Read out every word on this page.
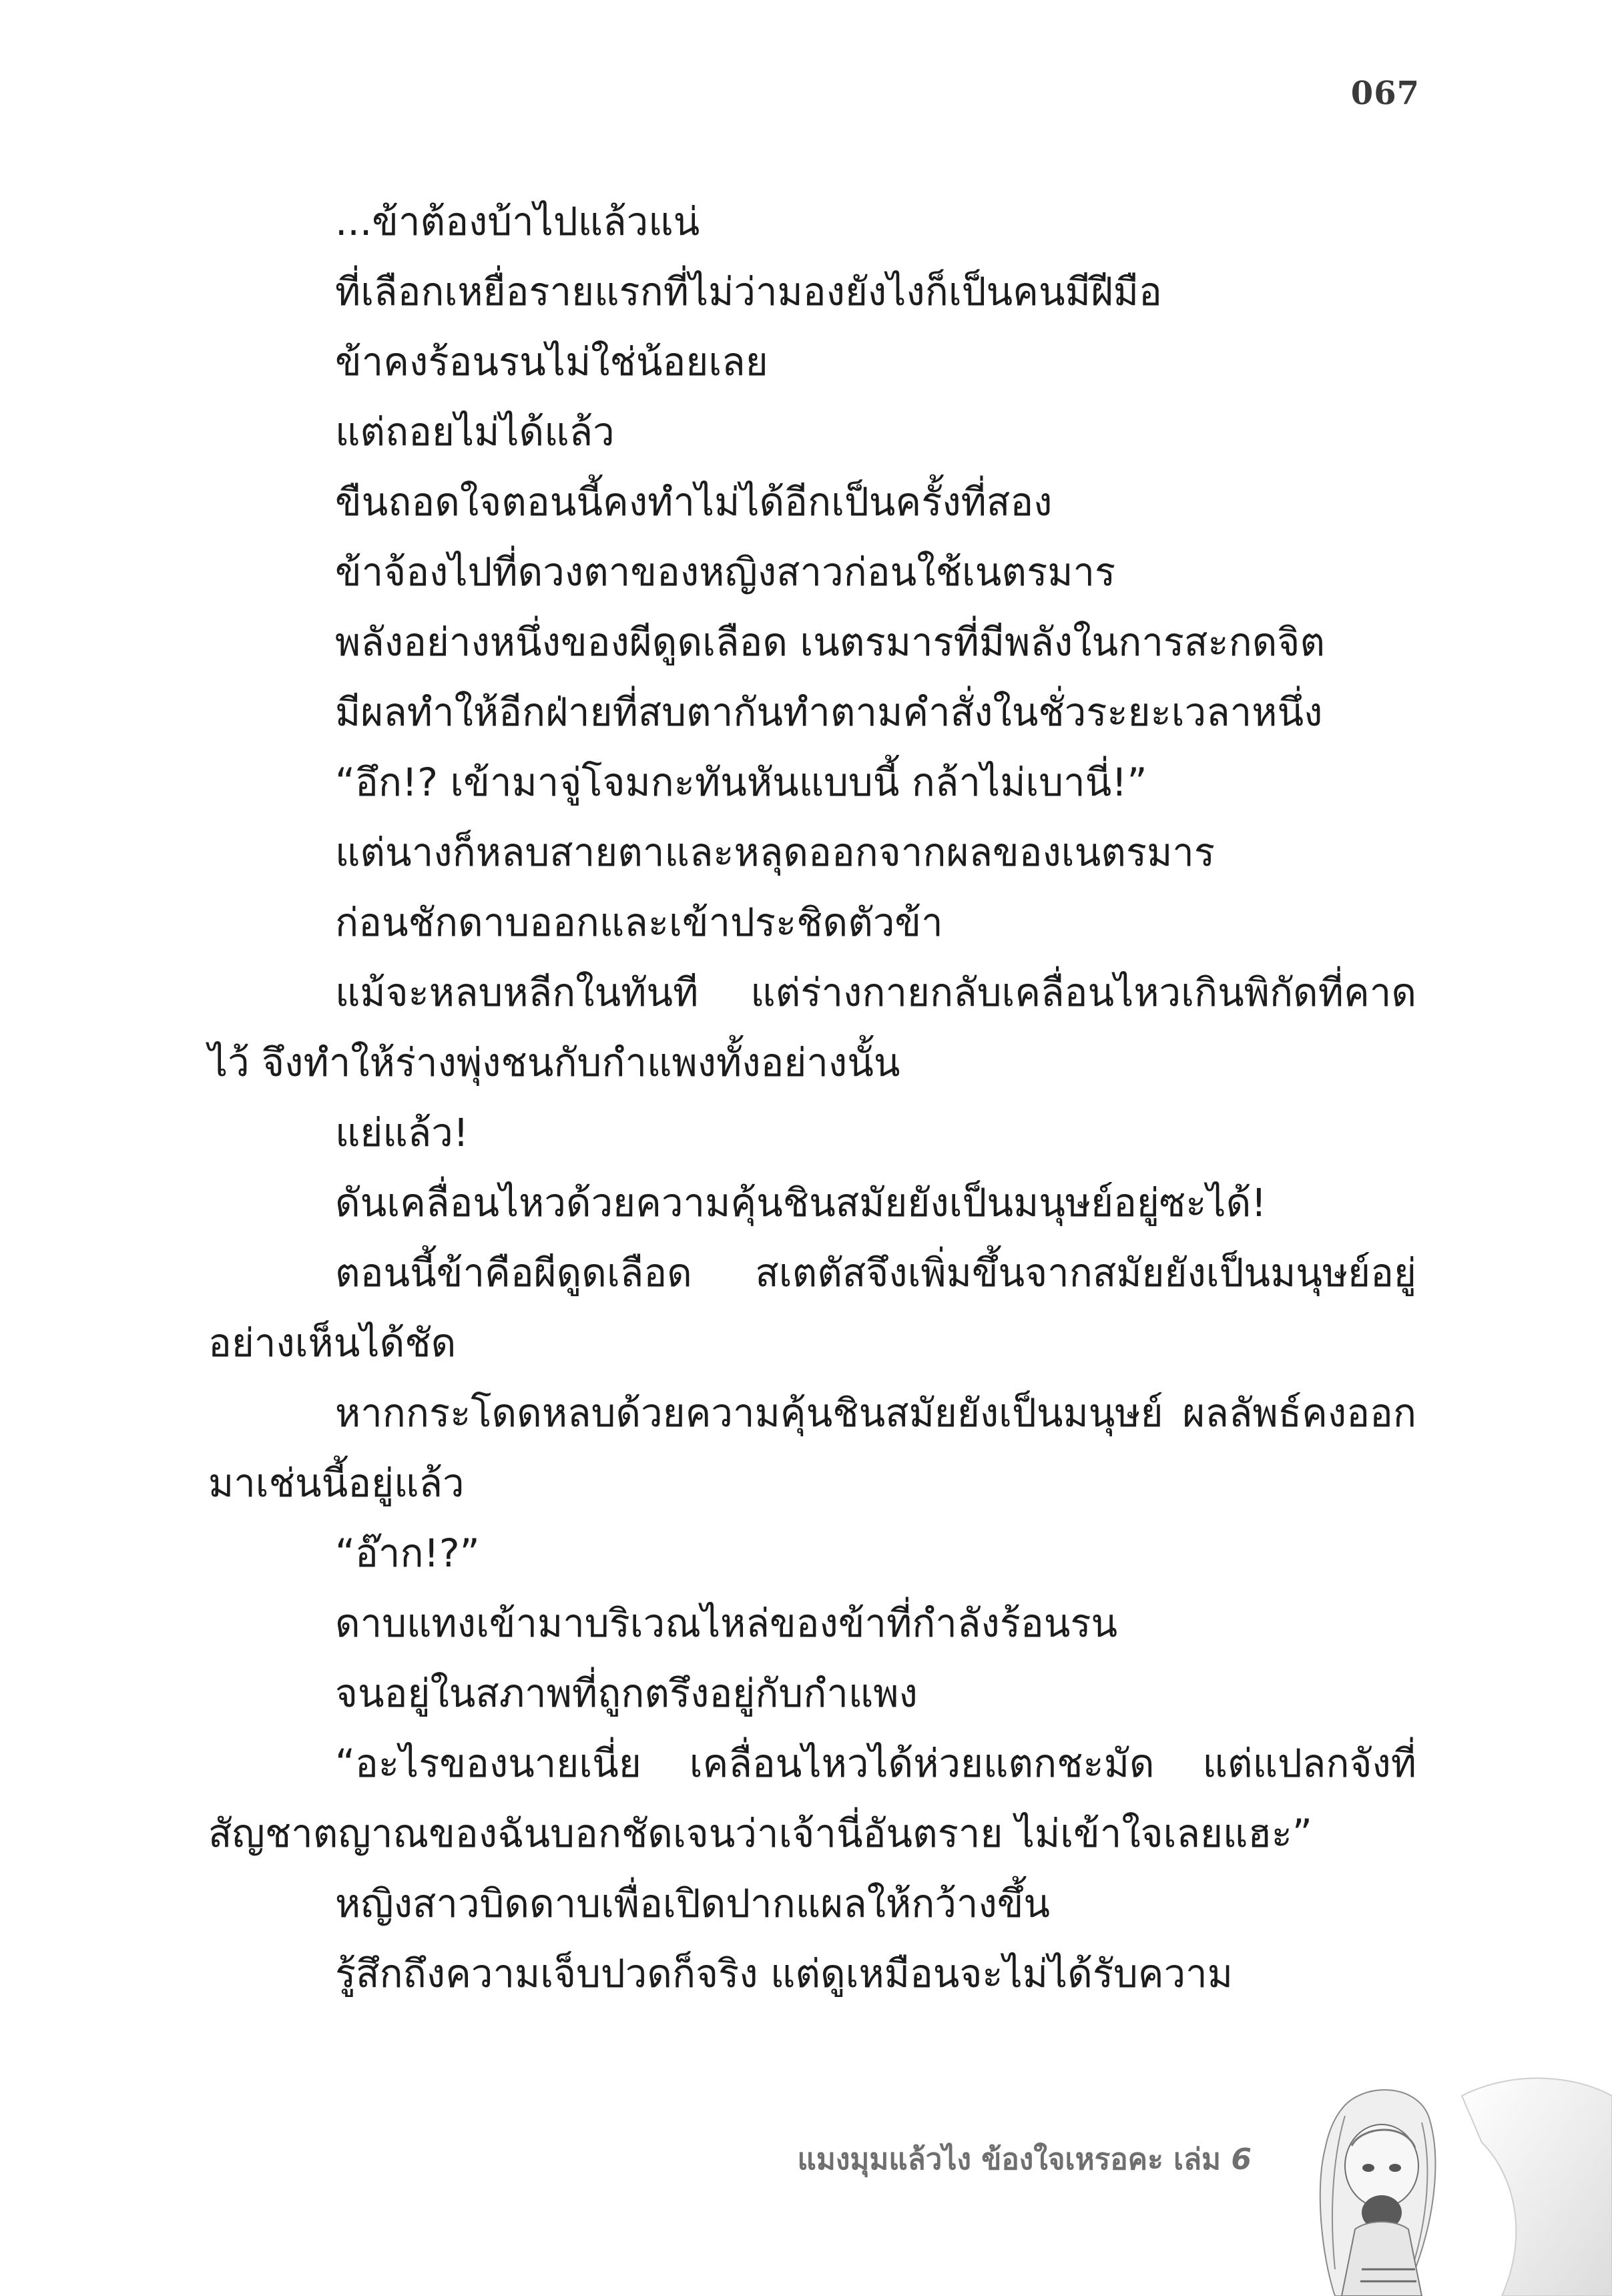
067

...ข้าต้องบ้าไปแล้วแน่

ที่เลือกเหยื่อรายแรกที่ไม่ว่ามองยังไงก็เป็นคนมีฝีมือ

ข้าคงร้อนรนไม่ใช่น้อยเลย

แต่ถอยไม่ได้แล้ว

ขืนถอดใจตอนนี้คงทำไม่ได้อีกเป็นครั้งที่สอง

ข้าจ้องไปที่ดวงตาของหญิงสาวก่อนใช้เนตรมาร

พลังอย่างหนึ่งของผีดูดเลือด เนตรมารที่มีพลังในการสะกดจิต

มีผลทำให้อีกฝ่ายที่สบตากันทำตามคำสั่งในชั่วระยะเวลาหนึ่ง

“อึก!? เข้ามาจู่โจมกะทันหันแบบนี้ กล้าไม่เบานี่!”

แต่นางก็หลบสายตาและหลุดออกจากผลของเนตรมาร

ก่อนชักดาบออกและเข้าประชิดตัวข้า

แม้จะหลบหลีกในทันที แต่ร่างกายกลับเคลื่อนไหวเกินพิกัดที่คาดไว้ จึงทำให้ร่างพุ่งชนกับกำแพงทั้งอย่างนั้น

แย่แล้ว!

ดันเคลื่อนไหวด้วยความคุ้นชินสมัยยังเป็นมนุษย์อยู่ซะได้!

ตอนนี้ข้าคือผีดูดเลือด สเตตัสจึงเพิ่มขึ้นจากสมัยยังเป็นมนุษย์อยู่อย่างเห็นได้ชัด

หากกระโดดหลบด้วยความคุ้นชินสมัยยังเป็นมนุษย์ ผลลัพธ์คงออกมาเช่นนี้อยู่แล้ว

“อ๊าก!?”

ดาบแทงเข้ามาบริเวณไหล่ของข้าที่กำลังร้อนรน

จนอยู่ในสภาพที่ถูกตรึงอยู่กับกำแพง

“อะไรของนายเนี่ย เคลื่อนไหวได้ห่วยแตกชะมัด แต่แปลกจังที่สัญชาตญาณของฉันบอกชัดเจนว่าเจ้านี่อันตราย ไม่เข้าใจเลยแฮะ”

หญิงสาวบิดดาบเพื่อเปิดปากแผลให้กว้างขึ้น

รู้สึกถึงความเจ็บปวดก็จริง แต่ดูเหมือนจะไม่ได้รับความ

แมงมุมแล้วไง ข้องใจเหรอคะ เล่ม 6
